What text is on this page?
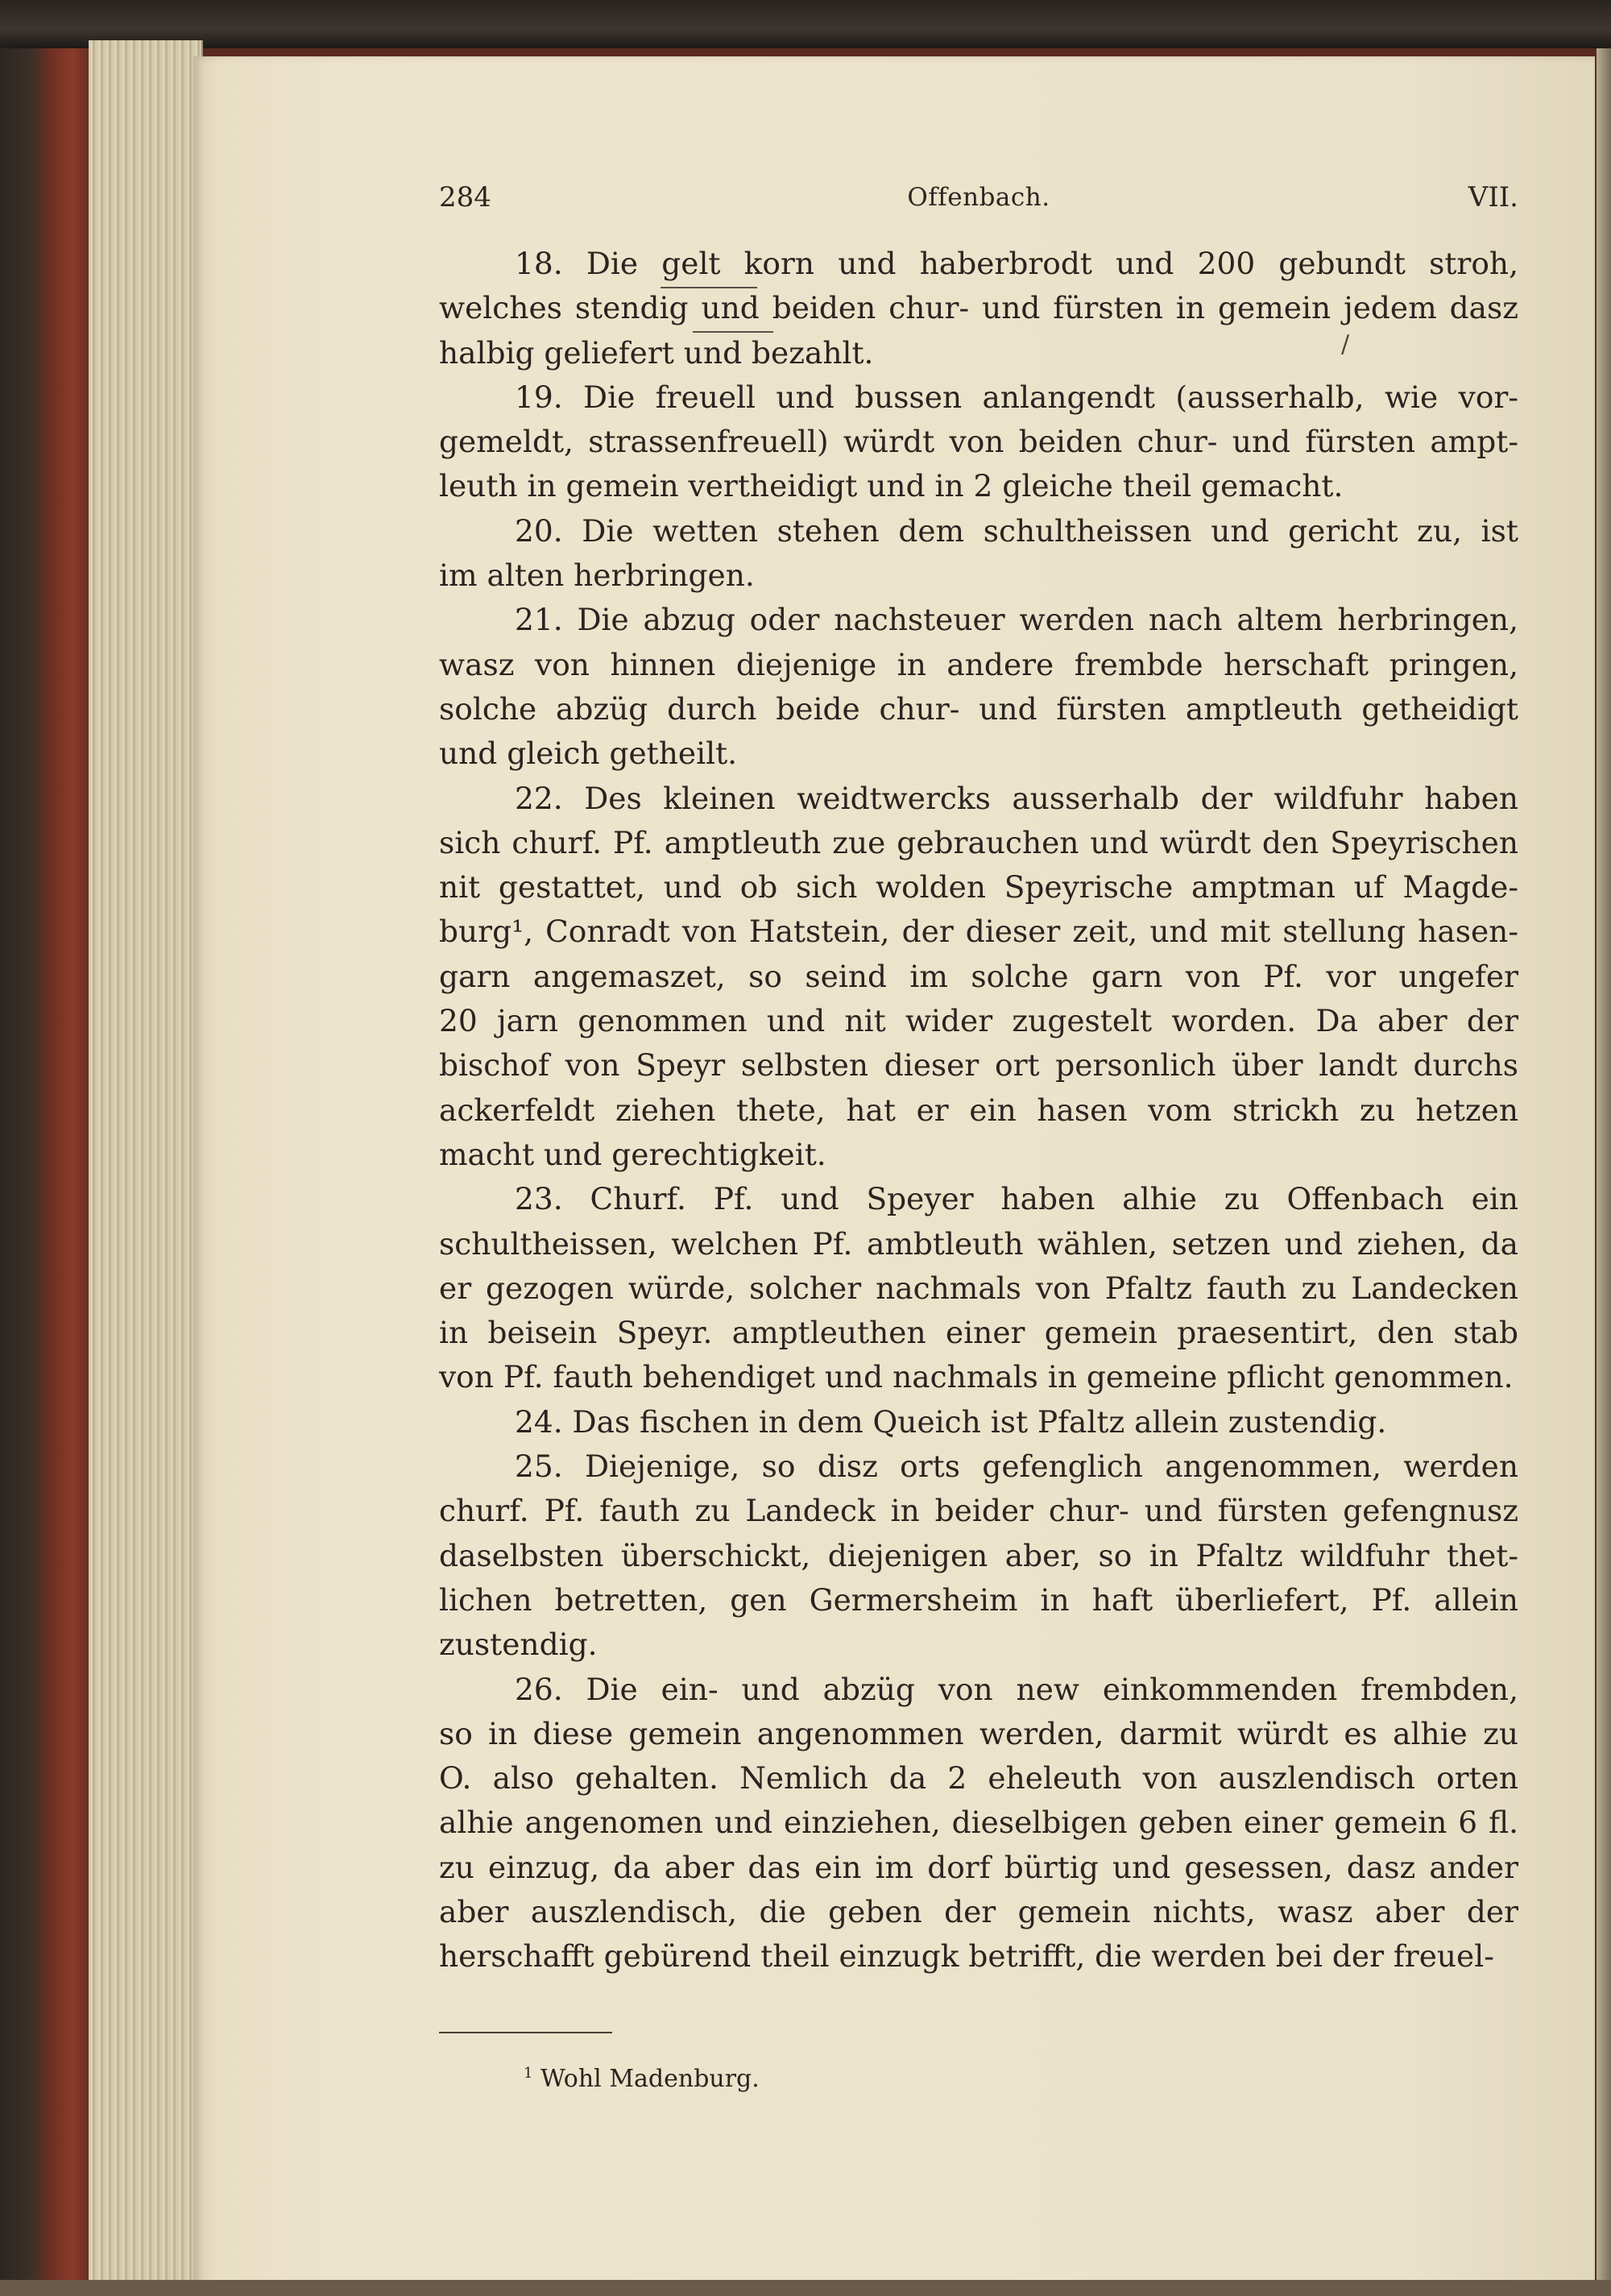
284	Offenbach.	VII.
18. Die gelt korn und haberbrodt und 200 gebundt stroh,
welches stendig und beiden chur- und fürsten in gemein jedem dasz
halbig geliefert und bezahlt.
19. Die freuell und bussen anlangendt (ausserhalb, wie vor-
gemeldt, strassenfreuell) würdt von beiden chur- und fürsten ampt-
leuth in gemein vertheidigt und in 2 gleiche theil gemacht.
20. Die wetten stehen dem schultheissen und gericht zu, ist
im alten herbringen.
21. Die abzug oder nachsteuer werden nach altem herbringen,
wasz von hinnen diejenige in andere frembde herschaft pringen,
solche abzüg durch beide chur- und fürsten amptleuth getheidigt
und gleich getheilt.
22. Des kleinen weidtwercks ausserhalb der wildfuhr haben
sich churf. Pf. amptleuth zue gebrauchen und würdt den Speyrischen
nit gestattet, und ob sich wolden Speyrische amptman uf Magde-
burg¹, Conradt von Hatstein, der dieser zeit, und mit stellung hasen-
garn angemaszet, so seind im solche garn von Pf. vor ungefer
20 jarn genommen und nit wider zugestelt worden. Da aber der
bischof von Speyr selbsten dieser ort personlich über landt durchs
ackerfeldt ziehen thete, hat er ein hasen vom strickh zu hetzen
macht und gerechtigkeit.
23. Churf. Pf. und Speyer haben alhie zu Offenbach ein
schultheissen, welchen Pf. ambtleuth wählen, setzen und ziehen, da
er gezogen würde, solcher nachmals von Pfaltz fauth zu Landecken
in beisein Speyr. amptleuthen einer gemein praesentirt, den stab
von Pf. fauth behendiget und nachmals in gemeine pflicht genommen.
24. Das fischen in dem Queich ist Pfaltz allein zustendig.
25. Diejenige, so disz orts gefenglich angenommen, werden
churf. Pf. fauth zu Landeck in beider chur- und fürsten gefengnusz
daselbsten überschickt, diejenigen aber, so in Pfaltz wildfuhr thet-
lichen betretten, gen Germersheim in haft überliefert, Pf. allein
zustendig.
26. Die ein- und abzüg von new einkommenden frembden,
so in diese gemein angenommen werden, darmit würdt es alhie zu
O. also gehalten. Nemlich da 2 eheleuth von auszlendisch orten
alhie angenomen und einziehen, dieselbigen geben einer gemein 6 fl.
zu einzug, da aber das ein im dorf bürtig und gesessen, dasz ander
aber auszlendisch, die geben der gemein nichts, wasz aber der
herschafft gebürend theil einzugk betrifft, die werden bei der freuel-
/
$^1$ Wohl Madenburg.
